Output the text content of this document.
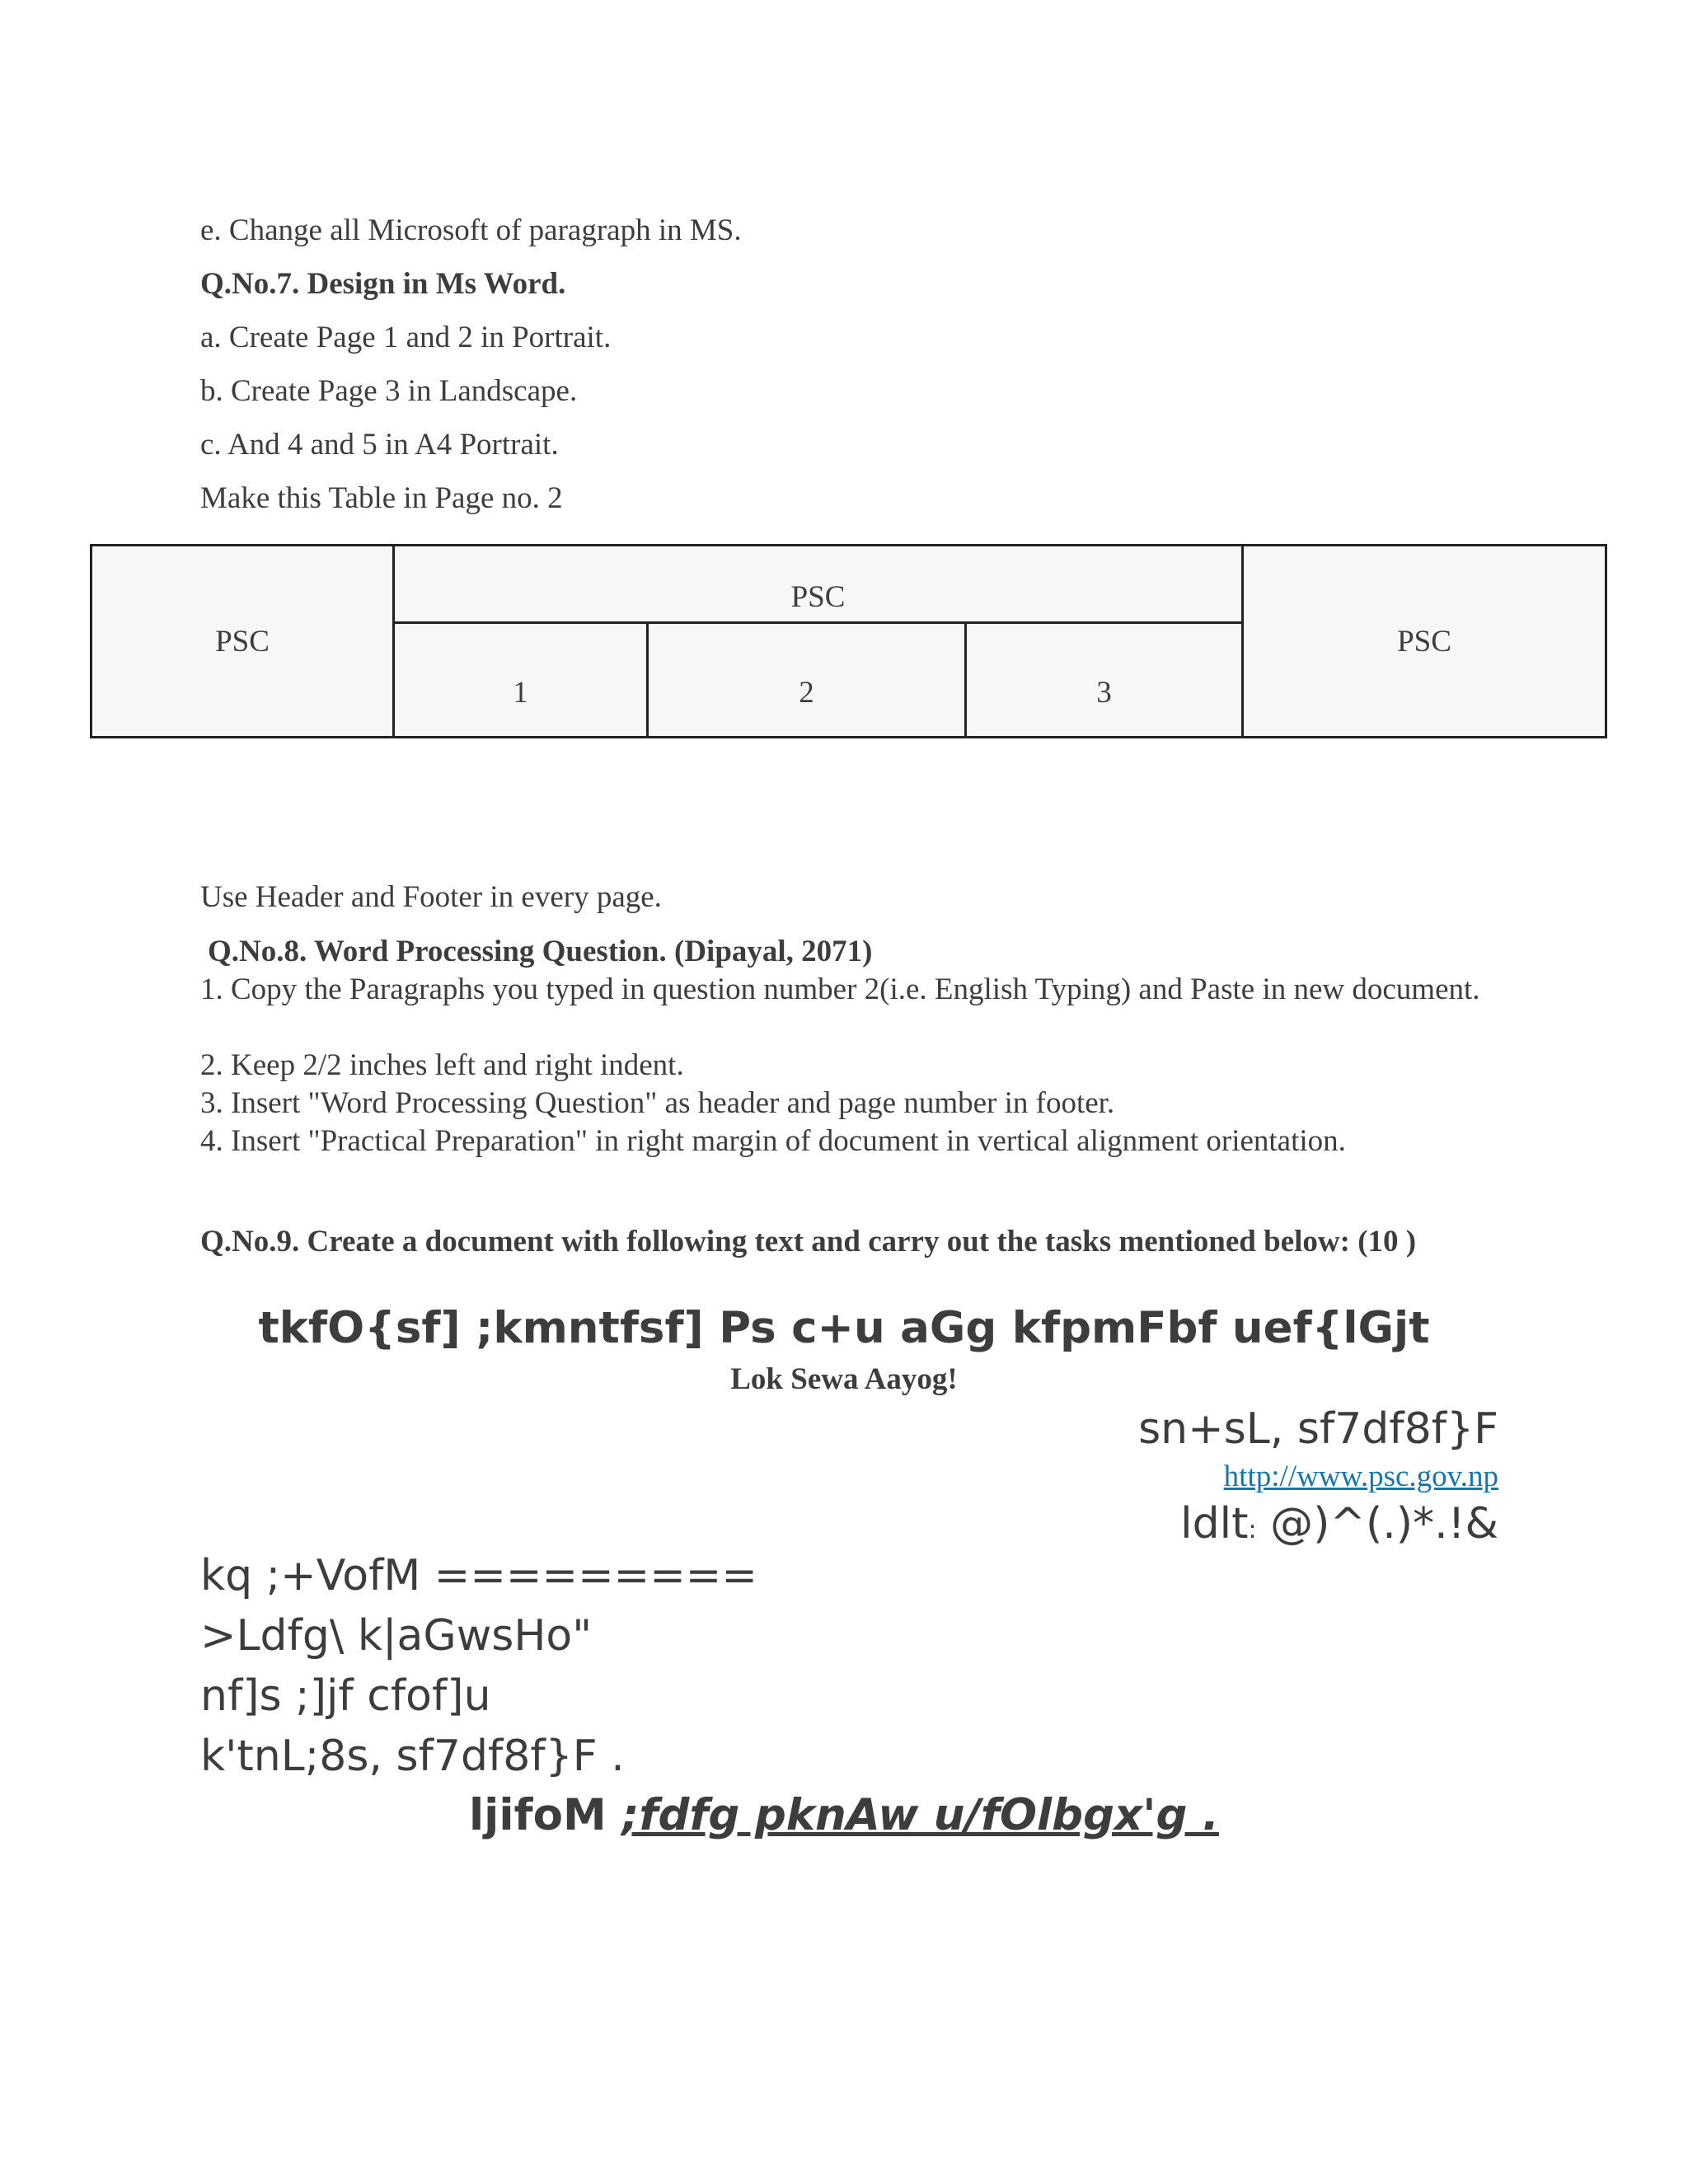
e. Change all Microsoft of paragraph in MS.
Q.No.7. Design in Ms Word.
a. Create Page 1 and 2 in Portrait.
b. Create Page 3 in Landscape.
c. And 4 and 5 in A4 Portrait.
Make this Table in Page no. 2
PSC	PSC			PSC
	1	2	3	
Use Header and Footer in every page.
Q.No.8. Word Processing Question. (Dipayal, 2071)
1. Copy the Paragraphs you typed in question number 2(i.e. English Typing) and Paste in new document.
2. Keep 2/2 inches left and right indent.
3. Insert "Word Processing Question" as header and page number in footer.
4. Insert "Practical Preparation" in right margin of document in vertical alignment orientation.
Q.No.9. Create a document with following text and carry out the tasks mentioned below: (10 )
tkfO{sf] ;kmntfsf] Ps c+u aGg kfpmFbf uef{lGjt
Lok Sewa Aayog!
sn+sL, sf7df8f}F
http://www.psc.gov.np
ldlt: @)^(.)*.!&
kq ;+VofM =========
>Ldfg\ k|aGwsHo"
nf]s ;]jf cfof]u
k'tnL;8s, sf7df8f}F .
ljifoM ;fdfg pknAw u/fOlbgx'g .
